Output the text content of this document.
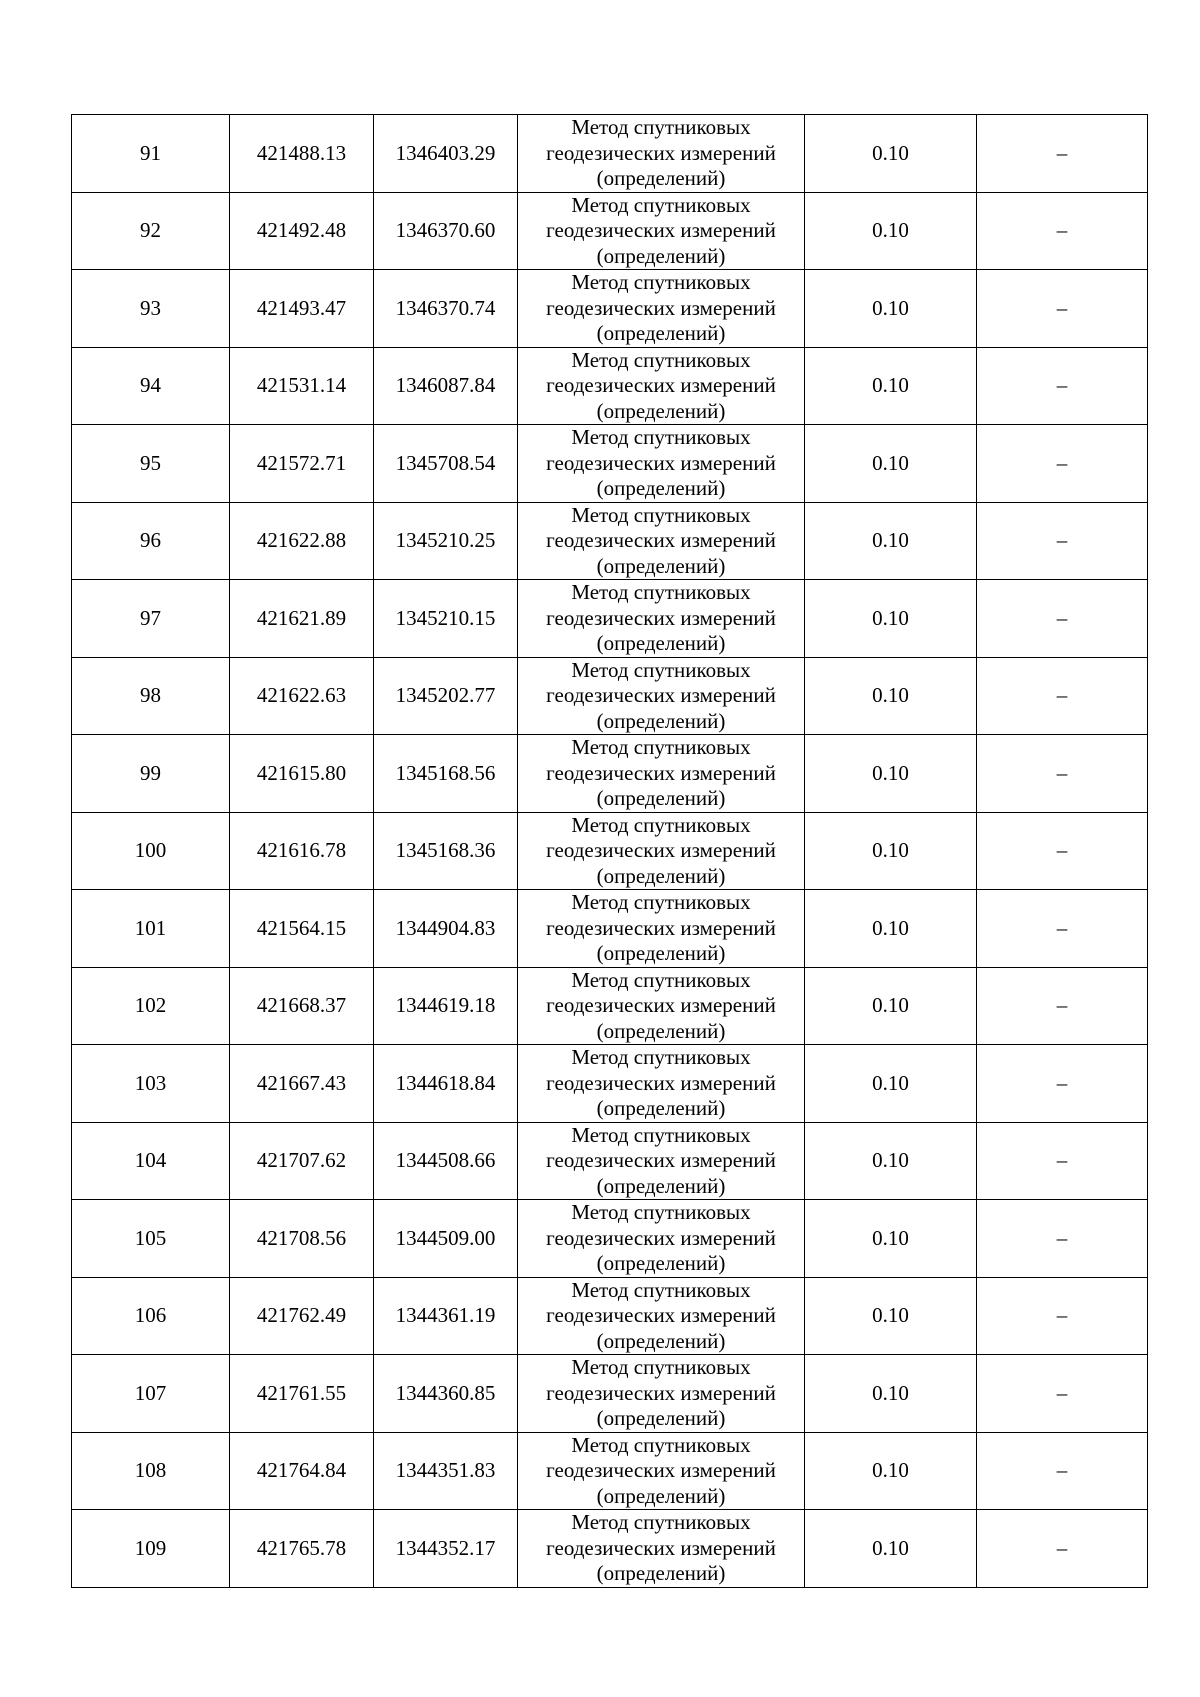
91	421488.13	1346403.29	Метод спутниковых
геодезических измерений
(определений)	0.10	–
92	421492.48	1346370.60	Метод спутниковых
геодезических измерений
(определений)	0.10	–
93	421493.47	1346370.74	Метод спутниковых
геодезических измерений
(определений)	0.10	–
94	421531.14	1346087.84	Метод спутниковых
геодезических измерений
(определений)	0.10	–
95	421572.71	1345708.54	Метод спутниковых
геодезических измерений
(определений)	0.10	–
96	421622.88	1345210.25	Метод спутниковых
геодезических измерений
(определений)	0.10	–
97	421621.89	1345210.15	Метод спутниковых
геодезических измерений
(определений)	0.10	–
98	421622.63	1345202.77	Метод спутниковых
геодезических измерений
(определений)	0.10	–
99	421615.80	1345168.56	Метод спутниковых
геодезических измерений
(определений)	0.10	–
100	421616.78	1345168.36	Метод спутниковых
геодезических измерений
(определений)	0.10	–
101	421564.15	1344904.83	Метод спутниковых
геодезических измерений
(определений)	0.10	–
102	421668.37	1344619.18	Метод спутниковых
геодезических измерений
(определений)	0.10	–
103	421667.43	1344618.84	Метод спутниковых
геодезических измерений
(определений)	0.10	–
104	421707.62	1344508.66	Метод спутниковых
геодезических измерений
(определений)	0.10	–
105	421708.56	1344509.00	Метод спутниковых
геодезических измерений
(определений)	0.10	–
106	421762.49	1344361.19	Метод спутниковых
геодезических измерений
(определений)	0.10	–
107	421761.55	1344360.85	Метод спутниковых
геодезических измерений
(определений)	0.10	–
108	421764.84	1344351.83	Метод спутниковых
геодезических измерений
(определений)	0.10	–
109	421765.78	1344352.17	Метод спутниковых
геодезических измерений
(определений)	0.10	–
